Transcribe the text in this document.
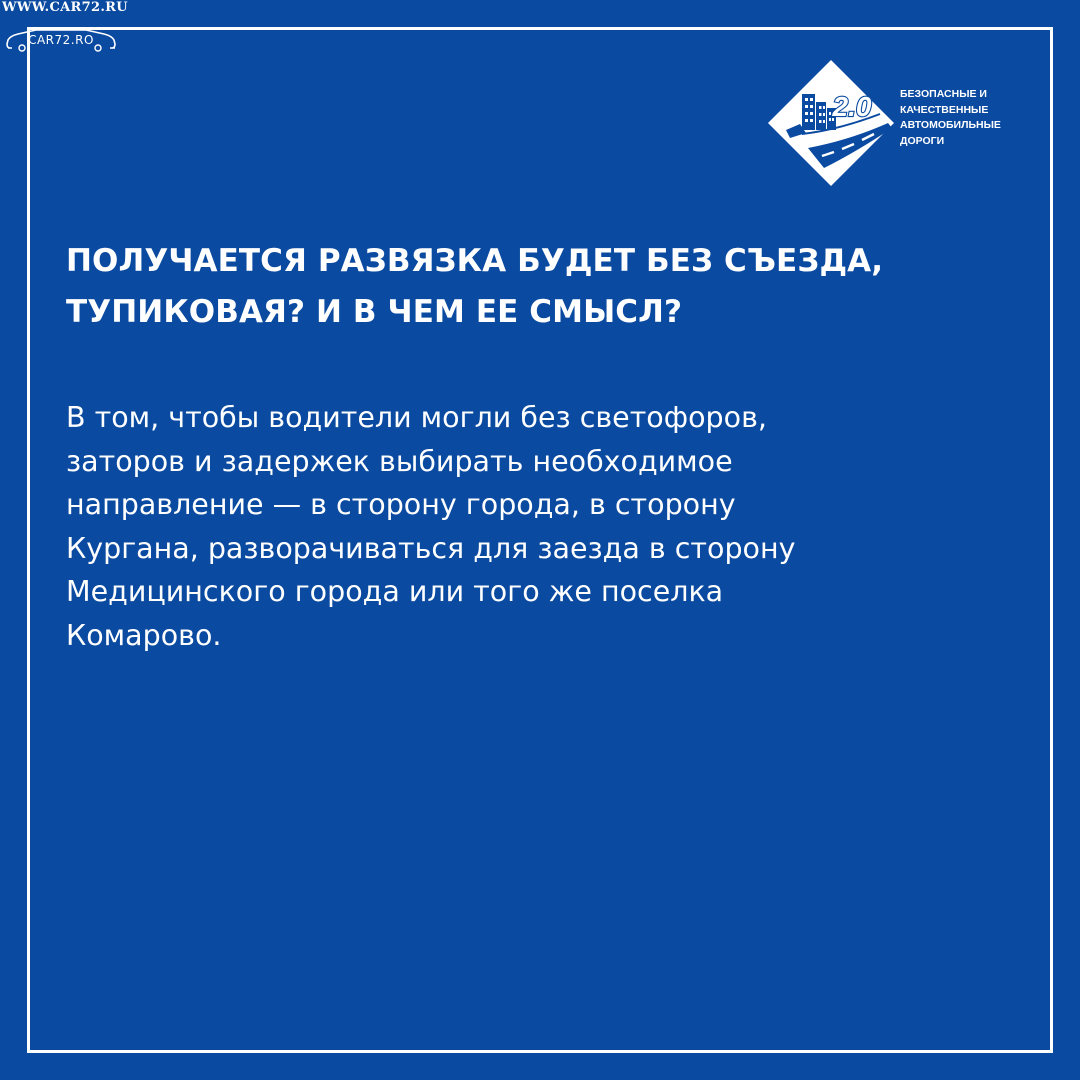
WWW.CAR72.RU
CAR72.RO
2.0	БЕЗОПАСНЫЕ И
КАЧЕСТВЕННЫЕ
АВТОМОБИЛЬНЫЕ
ДОРОГИ
ПОЛУЧАЕТСЯ РАЗВЯЗКА БУДЕТ БЕЗ СЪЕЗДА,
ТУПИКОВАЯ? И В ЧЕМ ЕЕ СМЫСЛ?

В том, чтобы водители могли без светофоров,
заторов и задержек выбирать необходимое
направление — в сторону города, в сторону
Кургана, разворачиваться для заезда в сторону
Медицинского города или того же поселка
Комарово.
